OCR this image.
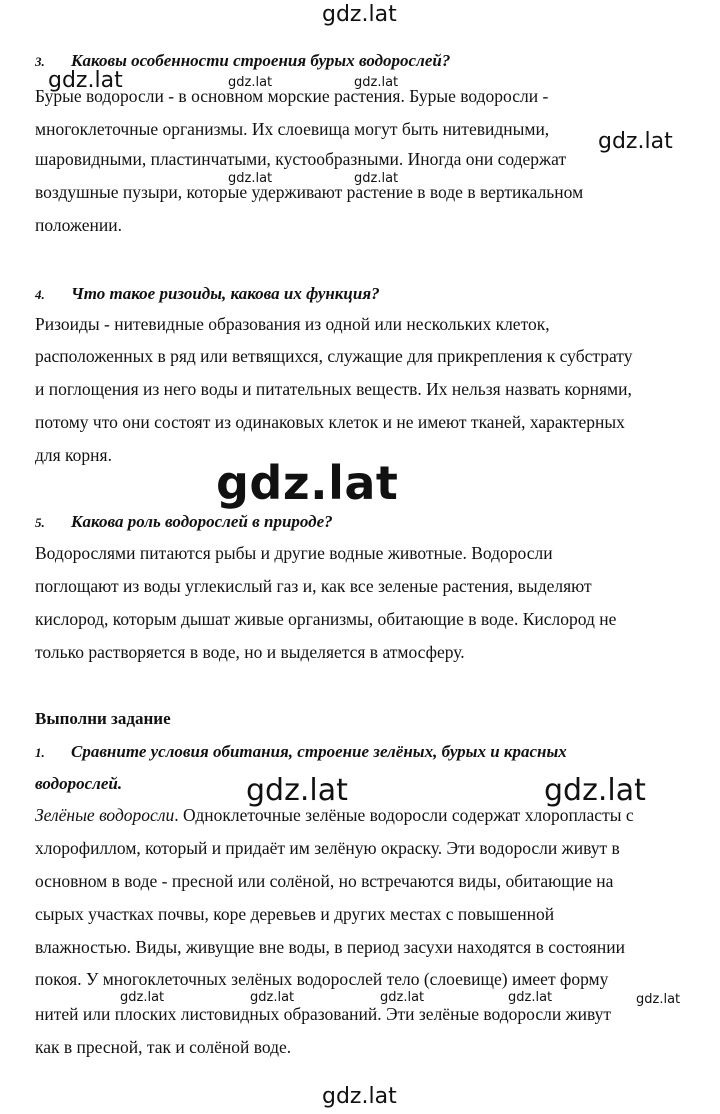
gdz.lat
gdz.lat	gdz.lat	gdz.lat
gdz.lat
gdz.lat	gdz.lat
gdz.lat
gdz.lat	gdz.lat
gdz.lat	gdz.lat	gdz.lat	gdz.lat	gdz.lat
gdz.lat
3. Каковы особенности строения бурых водорослей?
Бурые водоросли - в основном морские растения. Бурые водоросли -
многоклеточные организмы. Их слоевища могут быть нитевидными,
шаровидными, пластинчатыми, кустообразными. Иногда они содержат
воздушные пузыри, которые удерживают растение в воде в вертикальном
положении.
4. Что такое ризоиды, какова их функция?
Ризоиды - нитевидные образования из одной или нескольких клеток,
расположенных в ряд или ветвящихся, служащие для прикрепления к субстрату
и поглощения из него воды и питательных веществ. Их нельзя назвать корнями,
потому что они состоят из одинаковых клеток и не имеют тканей, характерных
для корня.
5. Какова роль водорослей в природе?
Водорослями питаются рыбы и другие водные животные. Водоросли
поглощают из воды углекислый газ и, как все зеленые растения, выделяют
кислород, которым дышат живые организмы, обитающие в воде. Кислород не
только растворяется в воде, но и выделяется в атмосферу.
Выполни задание
1. Сравните условия обитания, строение зелёных, бурых и красных
водорослей.
Зелёные водоросли. Одноклеточные зелёные водоросли содержат хлоропласты с
хлорофиллом, который и придаёт им зелёную окраску. Эти водоросли живут в
основном в воде - пресной или солёной, но встречаются виды, обитающие на
сырых участках почвы, коре деревьев и других местах с повышенной
влажностью. Виды, живущие вне воды, в период засухи находятся в состоянии
покоя. У многоклеточных зелёных водорослей тело (слоевище) имеет форму
нитей или плоских листовидных образований. Эти зелёные водоросли живут
как в пресной, так и солёной воде.
